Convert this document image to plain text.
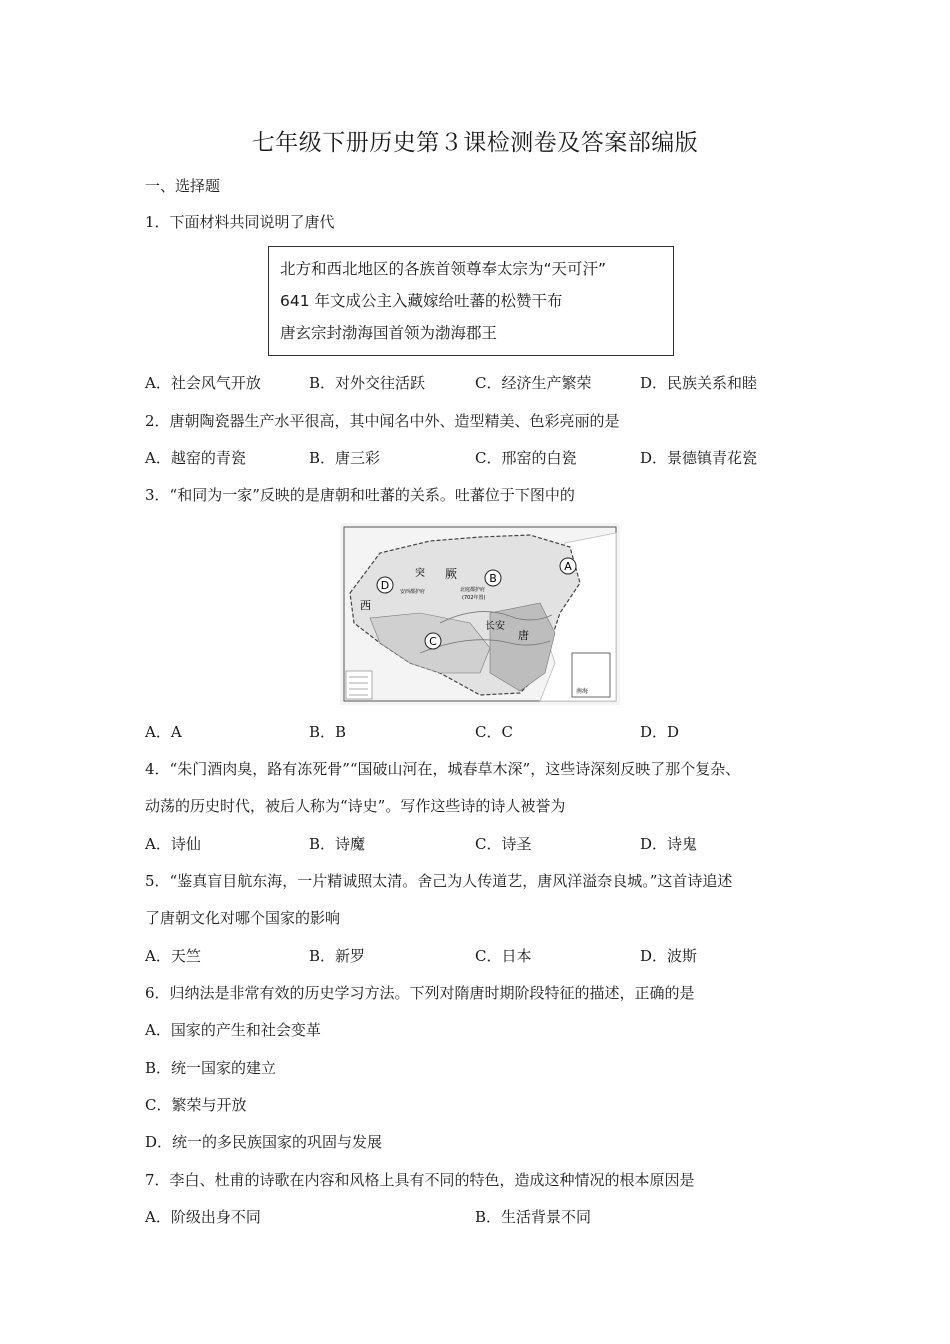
七年级下册历史第３课检测卷及答案部编版
一、选择题
1．下面材料共同说明了唐代
北方和西北地区的各族首领尊奉太宗为“天可汗”
641 年文成公主入藏嫁给吐蕃的松赞干布
唐玄宗封渤海国首领为渤海郡王
A．社会风气开放	B．对外交往活跃	C．经济生产繁荣	D．民族关系和睦
2．唐朝陶瓷器生产水平很高，其中闻名中外、造型精美、色彩亮丽的是
A．越窑的青瓷	B．唐三彩	C．邢窑的白瓷	D．景德镇青花瓷
3．“和同为一家”反映的是唐朝和吐蕃的关系。吐蕃位于下图中的
A
B
C
D
突 厥
西
安西都护府	北庭都护府
(702年置)
长安
唐
南海
A．A	B．B	C．C	D．D
4．“朱门酒肉臭，路有冻死骨”“国破山河在，城春草木深”，这些诗深刻反映了那个复杂、
动荡的历史时代，被后人称为“诗史”。写作这些诗的诗人被誉为
A．诗仙	B．诗魔	C．诗圣	D．诗鬼
5．“鉴真盲目航东海，一片精诚照太清。舍己为人传道艺，唐风洋溢奈良城。”这首诗追述
了唐朝文化对哪个国家的影响
A．天竺	B．新罗	C．日本	D．波斯
6．归纳法是非常有效的历史学习方法。下列对隋唐时期阶段特征的描述，正确的是
A．国家的产生和社会变革
B．统一国家的建立
C．繁荣与开放
D．统一的多民族国家的巩固与发展
7．李白、杜甫的诗歌在内容和风格上具有不同的特色，造成这种情况的根本原因是
A．阶级出身不同	B．生活背景不同
